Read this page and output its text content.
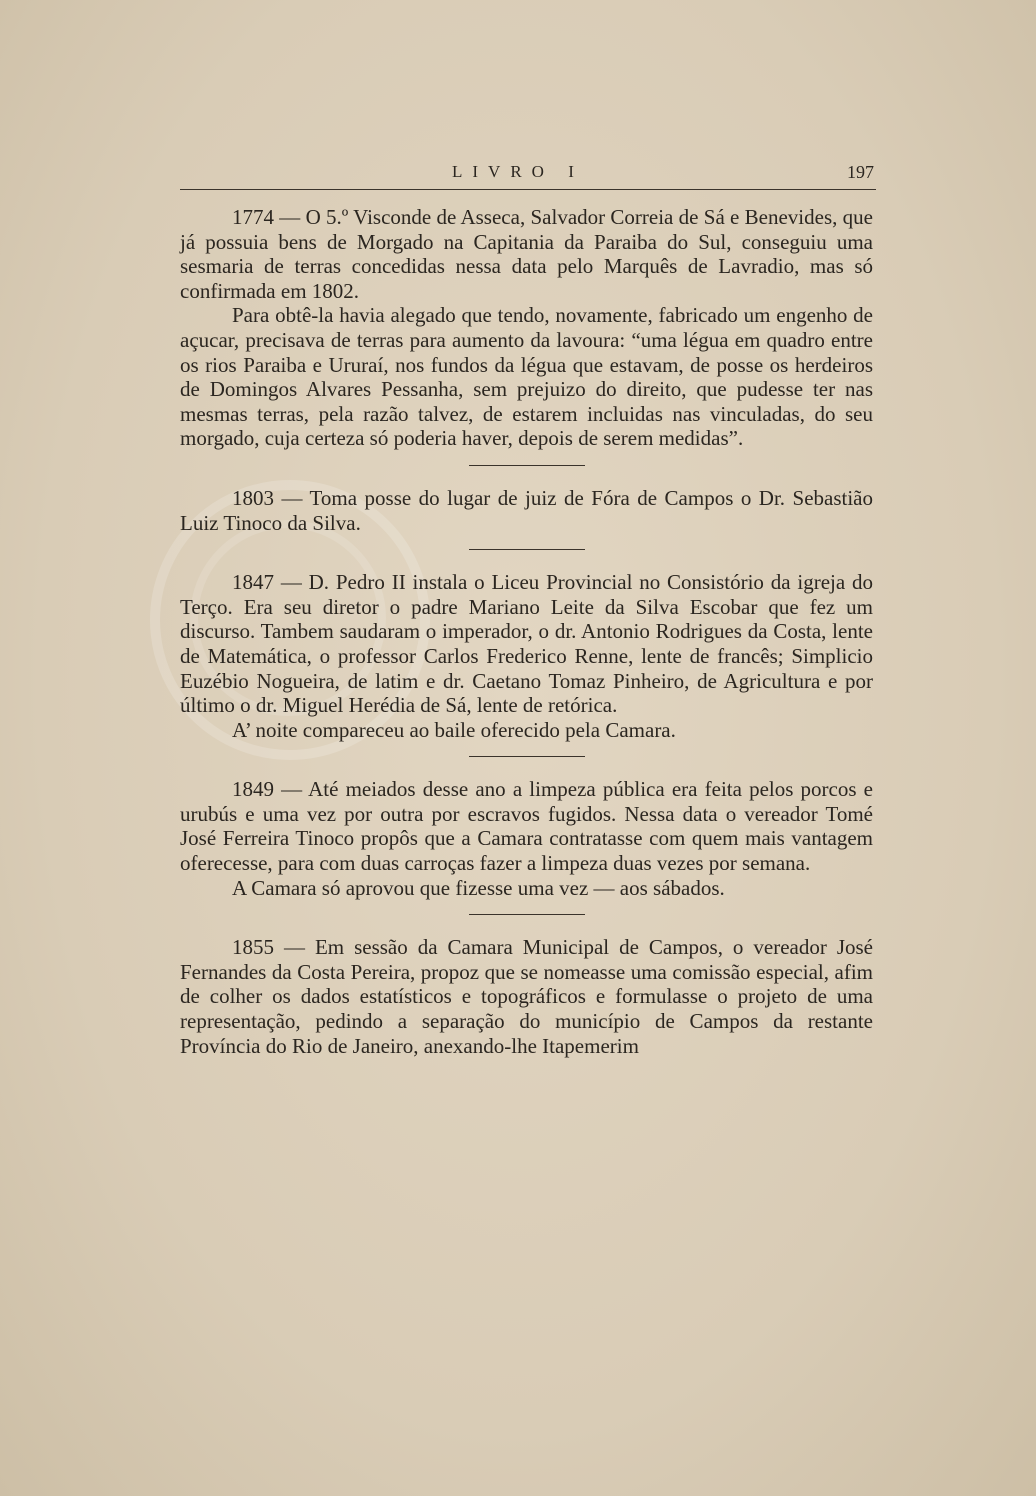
LIVRO I	197

1774 — O 5.º Visconde de Asseca, Salvador Correia de Sá e Benevides, que já possuia bens de Morgado na Capitania da Paraiba do Sul, conseguiu uma sesmaria de terras concedidas nessa data pelo Marquês de Lavradio, mas só confirmada em 1802.

Para obtê-la havia alegado que tendo, novamente, fabricado um engenho de açucar, precisava de terras para aumento da lavoura: “uma légua em quadro entre os rios Paraiba e Ururaí, nos fundos da légua que estavam, de posse os herdeiros de Domingos Alvares Pessanha, sem prejuizo do direito, que pudesse ter nas mesmas terras, pela razão talvez, de estarem incluidas nas vinculadas, do seu morgado, cuja certeza só poderia haver, depois de serem medidas”.

1803 — Toma posse do lugar de juiz de Fóra de Campos o Dr. Sebastião Luiz Tinoco da Silva.

1847 — D. Pedro II instala o Liceu Provincial no Consistório da igreja do Terço. Era seu diretor o padre Mariano Leite da Silva Escobar que fez um discurso. Tambem saudaram o imperador, o dr. Antonio Rodrigues da Costa, lente de Matemática, o professor Carlos Frederico Renne, lente de francês; Simplicio Euzébio Nogueira, de latim e dr. Caetano Tomaz Pinheiro, de Agricultura e por último o dr. Miguel Herédia de Sá, lente de retórica.

A’ noite compareceu ao baile oferecido pela Camara.

1849 — Até meiados desse ano a limpeza pública era feita pelos porcos e urubús e uma vez por outra por escravos fugidos. Nessa data o vereador Tomé José Ferreira Tinoco propôs que a Camara contratasse com quem mais vantagem oferecesse, para com duas carroças fazer a limpeza duas vezes por semana.

A Camara só aprovou que fizesse uma vez — aos sábados.

1855 — Em sessão da Camara Municipal de Campos, o vereador José Fernandes da Costa Pereira, propoz que se nomeasse uma comissão especial, afim de colher os dados estatísticos e topográficos e formulasse o projeto de uma representação, pedindo a separação do município de Campos da restante Província do Rio de Janeiro, anexando-lhe Itapemerim
